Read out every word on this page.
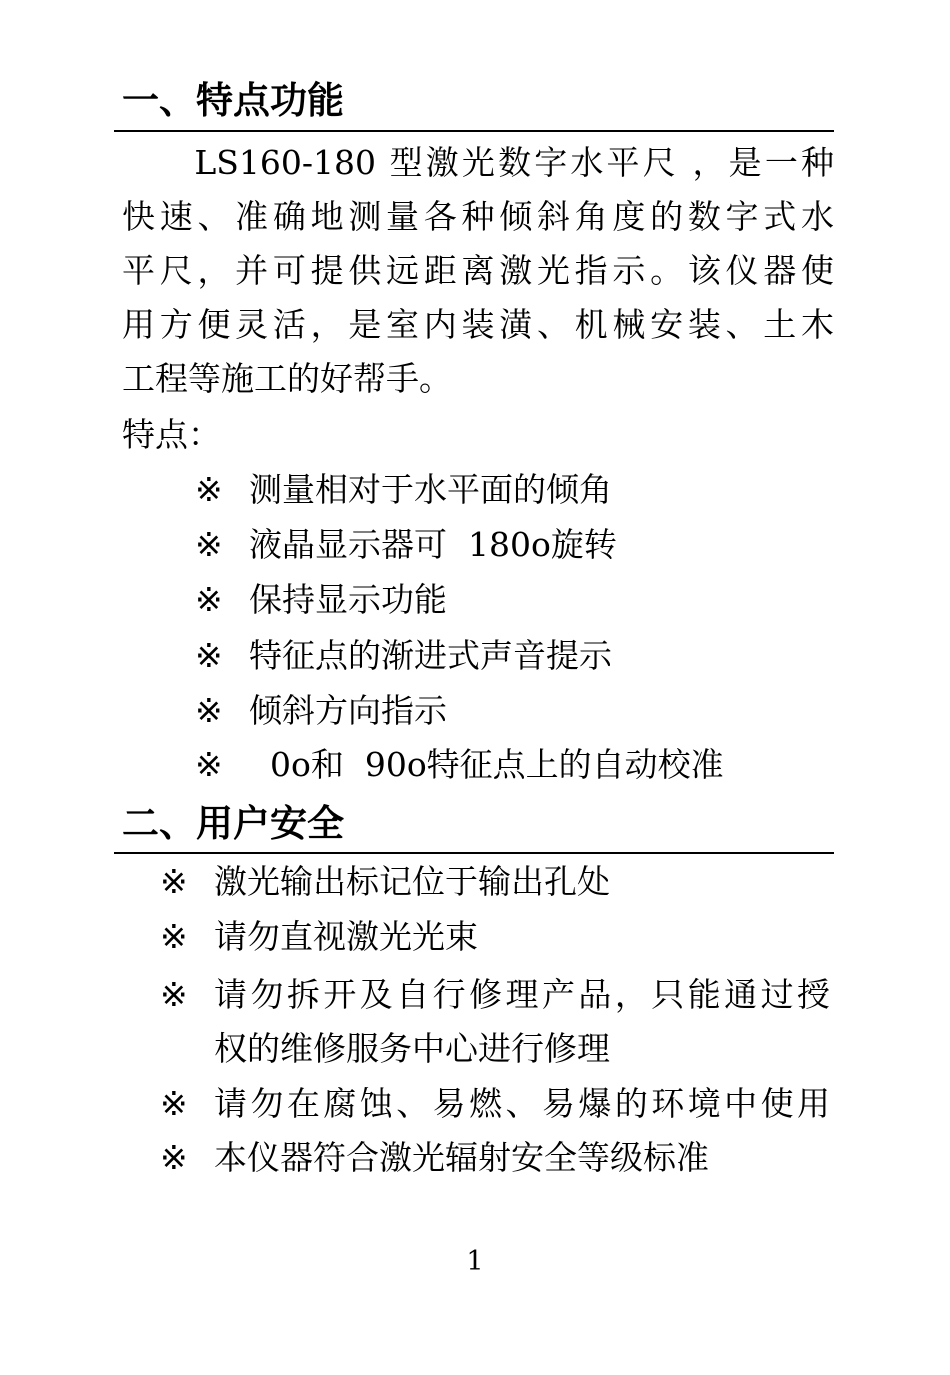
一、特点功能
　　LS160-180 型激光数字水平尺 ，是一种
快速、准确地测量各种倾斜角度的数字式水
平尺，并可提供远距离激光指示。该仪器使
用方便灵活，是室内装潢、机械安装、土木
工程等施工的好帮手。
特点：
※ 测量相对于水平面的倾角
※ 液晶显示器可  180o旋转
※ 保持显示功能
※ 特征点的渐进式声音提示
※ 倾斜方向指示
※  0o和  90o特征点上的自动校准
二、用户安全
※ 激光输出标记位于输出孔处
※ 请勿直视激光光束
※ 请勿拆开及自行修理产品，只能通过授
权的维修服务中心进行修理
※ 请勿在腐蚀、易燃、易爆的环境中使用
※ 本仪器符合激光辐射安全等级标准
1
